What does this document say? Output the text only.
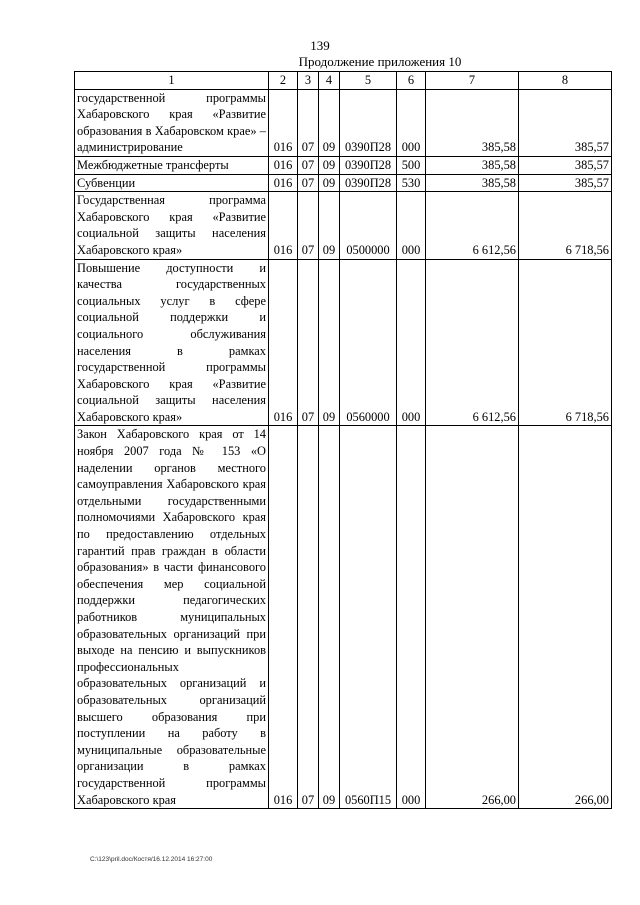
139
Продолжение приложения 10
1	2	3	4	5	6	7	8
государственной программы Хабаровского края «Развитие образования в Хабаровском крае» – администрирование	016	07	09	0390П28	000	385,58	385,57
Межбюджетные трансферты	016	07	09	0390П28	500	385,58	385,57
Субвенции	016	07	09	0390П28	530	385,58	385,57
Государственная программа Хабаровского края «Развитие социальной защиты населения Хабаровского края»	016	07	09	0500000	000	6 612,56	6 718,56
Повышение доступности и качества государственных социальных услуг в сфере социальной поддержки и социального обслуживания населения в рамках государственной программы Хабаровского края «Развитие социальной защиты населения Хабаровского края»	016	07	09	0560000	000	6 612,56	6 718,56
Закон Хабаровского края от 14 ноября 2007 года № 153 «О наделении органов местного самоуправления Хабаровского края отдельными государственными полномочиями Хабаровского края по предоставлению отдельных гарантий прав граждан в области образования» в части финансового обеспечения мер социальной поддержки педагогических работников муниципальных образовательных организаций при выходе на пенсию и выпускников профессиональных образовательных организаций и образовательных организаций высшего образования при поступлении на работу в муниципальные образовательные организации в рамках государственной программы Хабаровского края	016	07	09	0560П15	000	266,00	266,00
C:\123\pril.doc/Костя/16.12.2014 16:27:00
